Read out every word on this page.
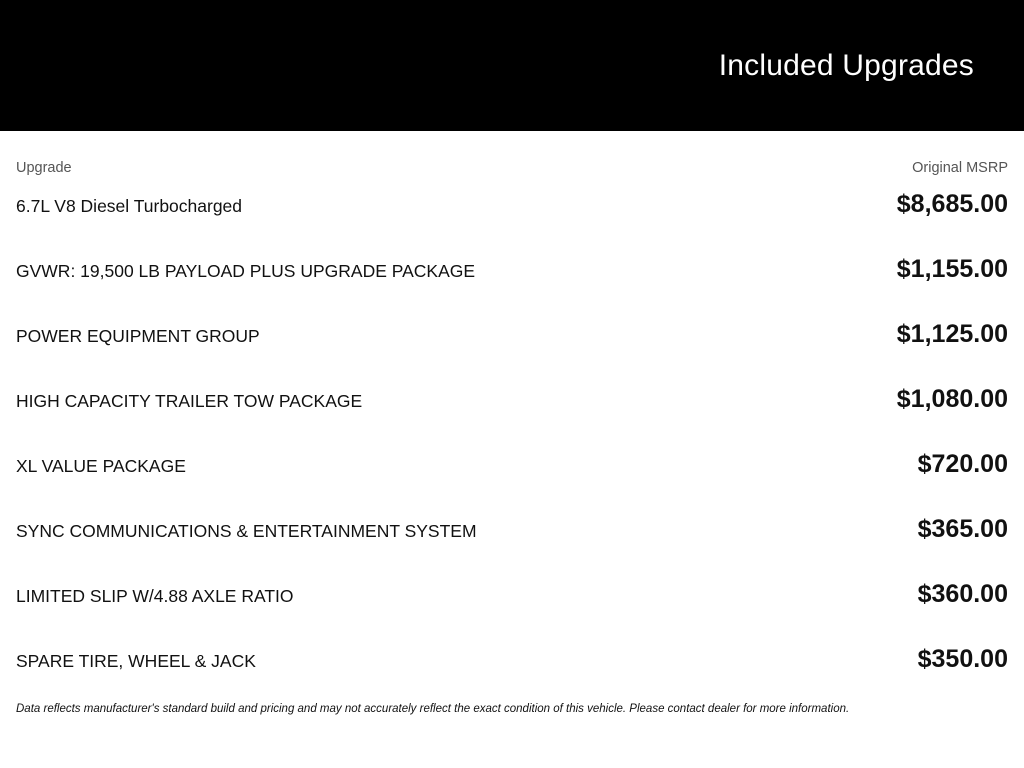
Included Upgrades
Upgrade	Original MSRP
6.7L V8 Diesel Turbocharged	$8,685.00
GVWR: 19,500 LB PAYLOAD PLUS UPGRADE PACKAGE	$1,155.00
POWER EQUIPMENT GROUP	$1,125.00
HIGH CAPACITY TRAILER TOW PACKAGE	$1,080.00
XL VALUE PACKAGE	$720.00
SYNC COMMUNICATIONS & ENTERTAINMENT SYSTEM	$365.00
LIMITED SLIP W/4.88 AXLE RATIO	$360.00
SPARE TIRE, WHEEL & JACK	$350.00
Data reflects manufacturer's standard build and pricing and may not accurately reflect the exact condition of this vehicle. Please contact dealer for more information.
